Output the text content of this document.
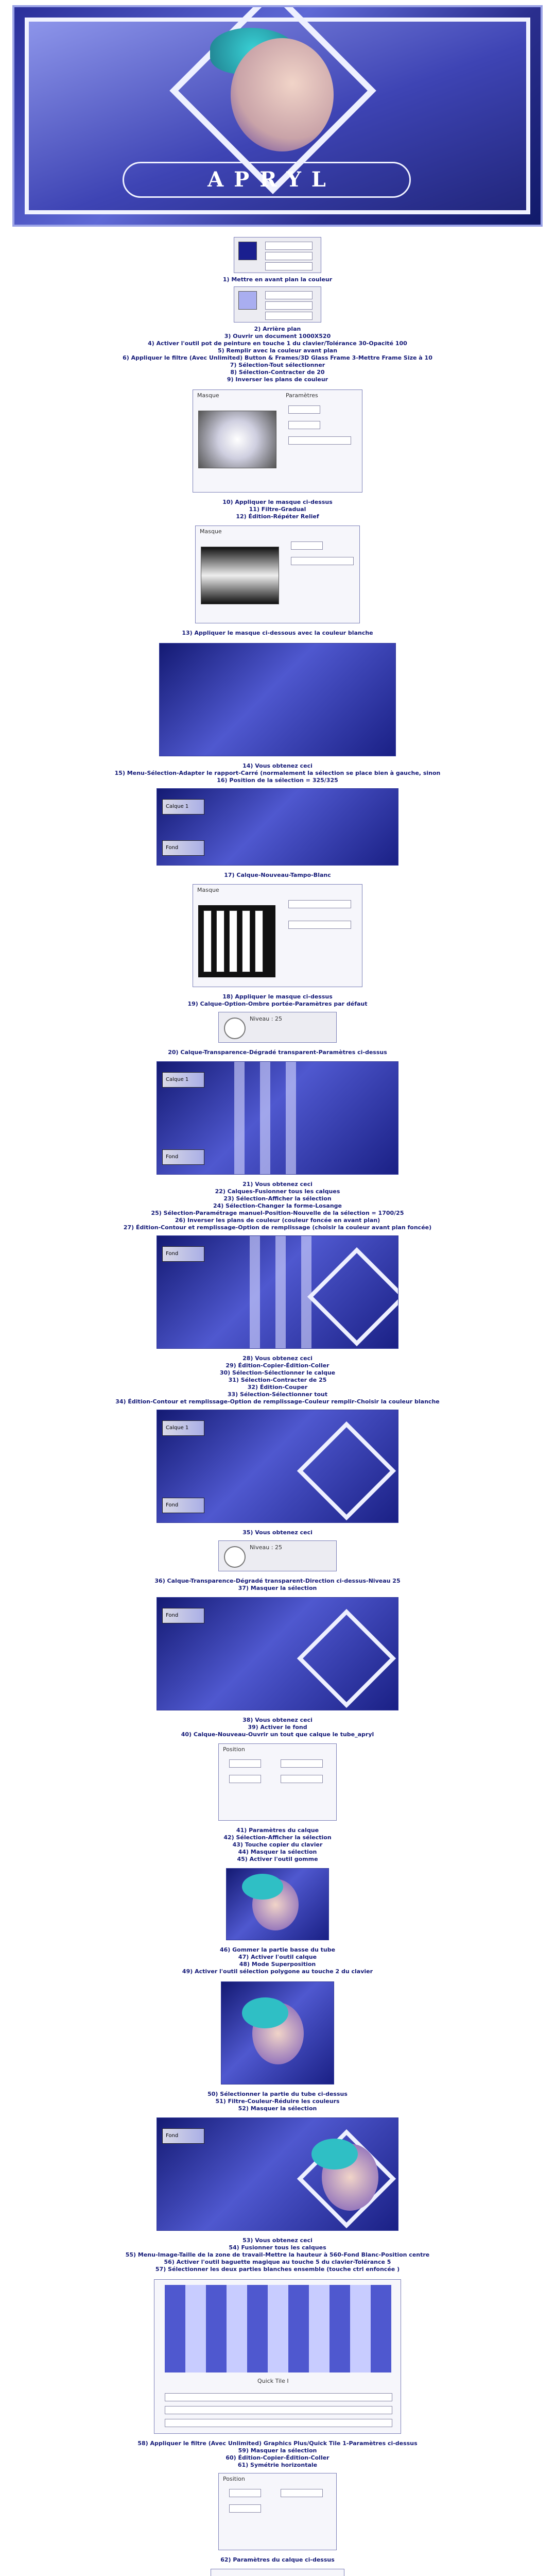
APRYL
1) Mettre en avant plan la couleur
2) Arrière plan
3) Ouvrir un document 1000X520
4) Activer l'outil pot de peinture en touche 1 du clavier/Tolérance 30-Opacité 100
5) Remplir avec la couleur avant plan
6) Appliquer le filtre (Avec Unlimited) Button & Frames/3D Glass Frame 3-Mettre Frame Size à 10
7) Sélection-Tout sélectionner
8) Sélection-Contracter de 20
9) Inverser les plans de couleur
Masque	Paramètres
10) Appliquer le masque ci-dessus
11) Filtre-Gradual
12) Édition-Répéter Relief
Masque
13) Appliquer le masque ci-dessous avec la couleur blanche
14) Vous obtenez ceci
15) Menu-Sélection-Adapter le rapport-Carré (normalement la sélection se place bien à gauche, sinon
16) Position de la sélection = 325/325
Calque 1
Fond
17) Calque-Nouveau-Tampo-Blanc
Masque
18) Appliquer le masque ci-dessus
19) Calque-Option-Ombre portée-Paramètres par défaut
Niveau : 25
20) Calque-Transparence-Dégradé transparent-Paramètres ci-dessus
Calque 1
Fond
21) Vous obtenez ceci
22) Calques-Fusionner tous les calques
23) Sélection-Afficher la sélection
24) Sélection-Changer la forme-Losange
25) Sélection-Paramétrage manuel-Position-Nouvelle de la sélection = 1700/25
26) Inverser les plans de couleur (couleur foncée en avant plan)
27) Édition-Contour et remplissage-Option de remplissage (choisir la couleur avant plan foncée)
Fond
28) Vous obtenez ceci
29) Édition-Copier-Édition-Coller
30) Sélection-Sélectionner le calque
31) Sélection-Contracter de 25
32) Édition-Couper
33) Sélection-Sélectionner tout
34) Édition-Contour et remplissage-Option de remplissage-Couleur remplir-Choisir la couleur blanche
Calque 1
Fond
35) Vous obtenez ceci
Niveau : 25
36) Calque-Transparence-Dégradé transparent-Direction ci-dessus-Niveau 25
37) Masquer la sélection
Fond
38) Vous obtenez ceci
39) Activer le fond
40) Calque-Nouveau-Ouvrir un tout que calque le tube_apryl
Position
41) Paramètres du calque
42) Sélection-Afficher la sélection
43) Touche copier du clavier
44) Masquer la sélection
45) Activer l'outil gomme
46) Gommer la partie basse du tube
47) Activer l'outil calque
48) Mode Superposition
49) Activer l'outil sélection polygone au touche 2 du clavier
50) Sélectionner la partie du tube ci-dessus
51) Filtre-Couleur-Réduire les couleurs
52) Masquer la sélection
Fond
53) Vous obtenez ceci
54) Fusionner tous les calques
55) Menu-Image-Taille de la zone de travail-Mettre la hauteur à 560-Fond Blanc-Position centre
56) Activer l'outil baguette magique au touche 5 du clavier-Tolérance 5
57) Sélectionner les deux parties blanches ensemble (touche ctrl enfoncée )
Quick Tile I
58) Appliquer le filtre (Avec Unlimited) Graphics Plus/Quick Tile 1-Paramètres ci-dessus
59) Masquer la sélection
60) Édition-Copier-Édition-Coller
61) Symétrie horizontale
Position
62) Paramètres du calque ci-dessus
